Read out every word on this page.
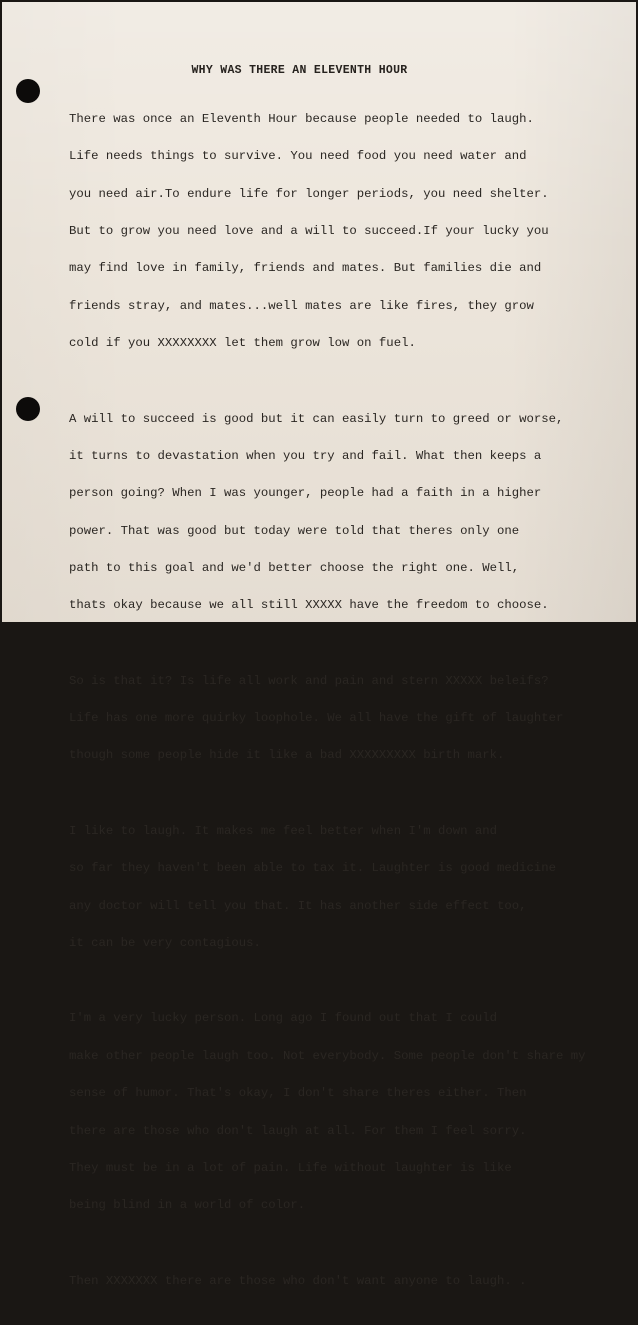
WHY WAS THERE AN ELEVENTH HOUR

There was once an Eleventh Hour because people needed to laugh.

Life needs things to survive. You need food you need water and

you need air.To endure life for longer periods, you need shelter.

But to grow you need love and a will to succeed.If your lucky you

may find love in family, friends and mates. But families die and

friends stray, and mates...well mates are like fires, they grow

cold if you XXXXXXXX let them grow low on fuel.

A will to succeed is good but it can easily turn to greed or worse,

it turns to devastation when you try and fail. What then keeps a

person going? When I was younger, people had a faith in a higher

power. That was good but today were told that theres only one

path to this goal and we'd better choose the right one. Well,

thats okay because we all still XXXXX have the freedom to choose.

So is that it? Is life all work and pain and stern XXXXX beleifs?

Life has one more quirky loophole. We all have the gift of laughter

though some people hide it like a bad XXXXXXXXX birth mark.

I like to laugh. It makes me feel better when I'm down and

so far they haven't been able to tax it. Laughter is good medicine

any doctor will tell you that. It has another side effect too,

it can be very contagious.

I'm a very lucky person. Long ago I found out that I could

make other people laugh too. Not everybody. Some people don't share my

sense of humor. That's okay, I don't share theres either. Then

there are those who don't laugh at all. For them I feel sorry.

They must be in a lot of pain. Life without laughter is like

being blind in a world of color.

Then XXXXXXX there are those who don't want anyone to laugh. .
